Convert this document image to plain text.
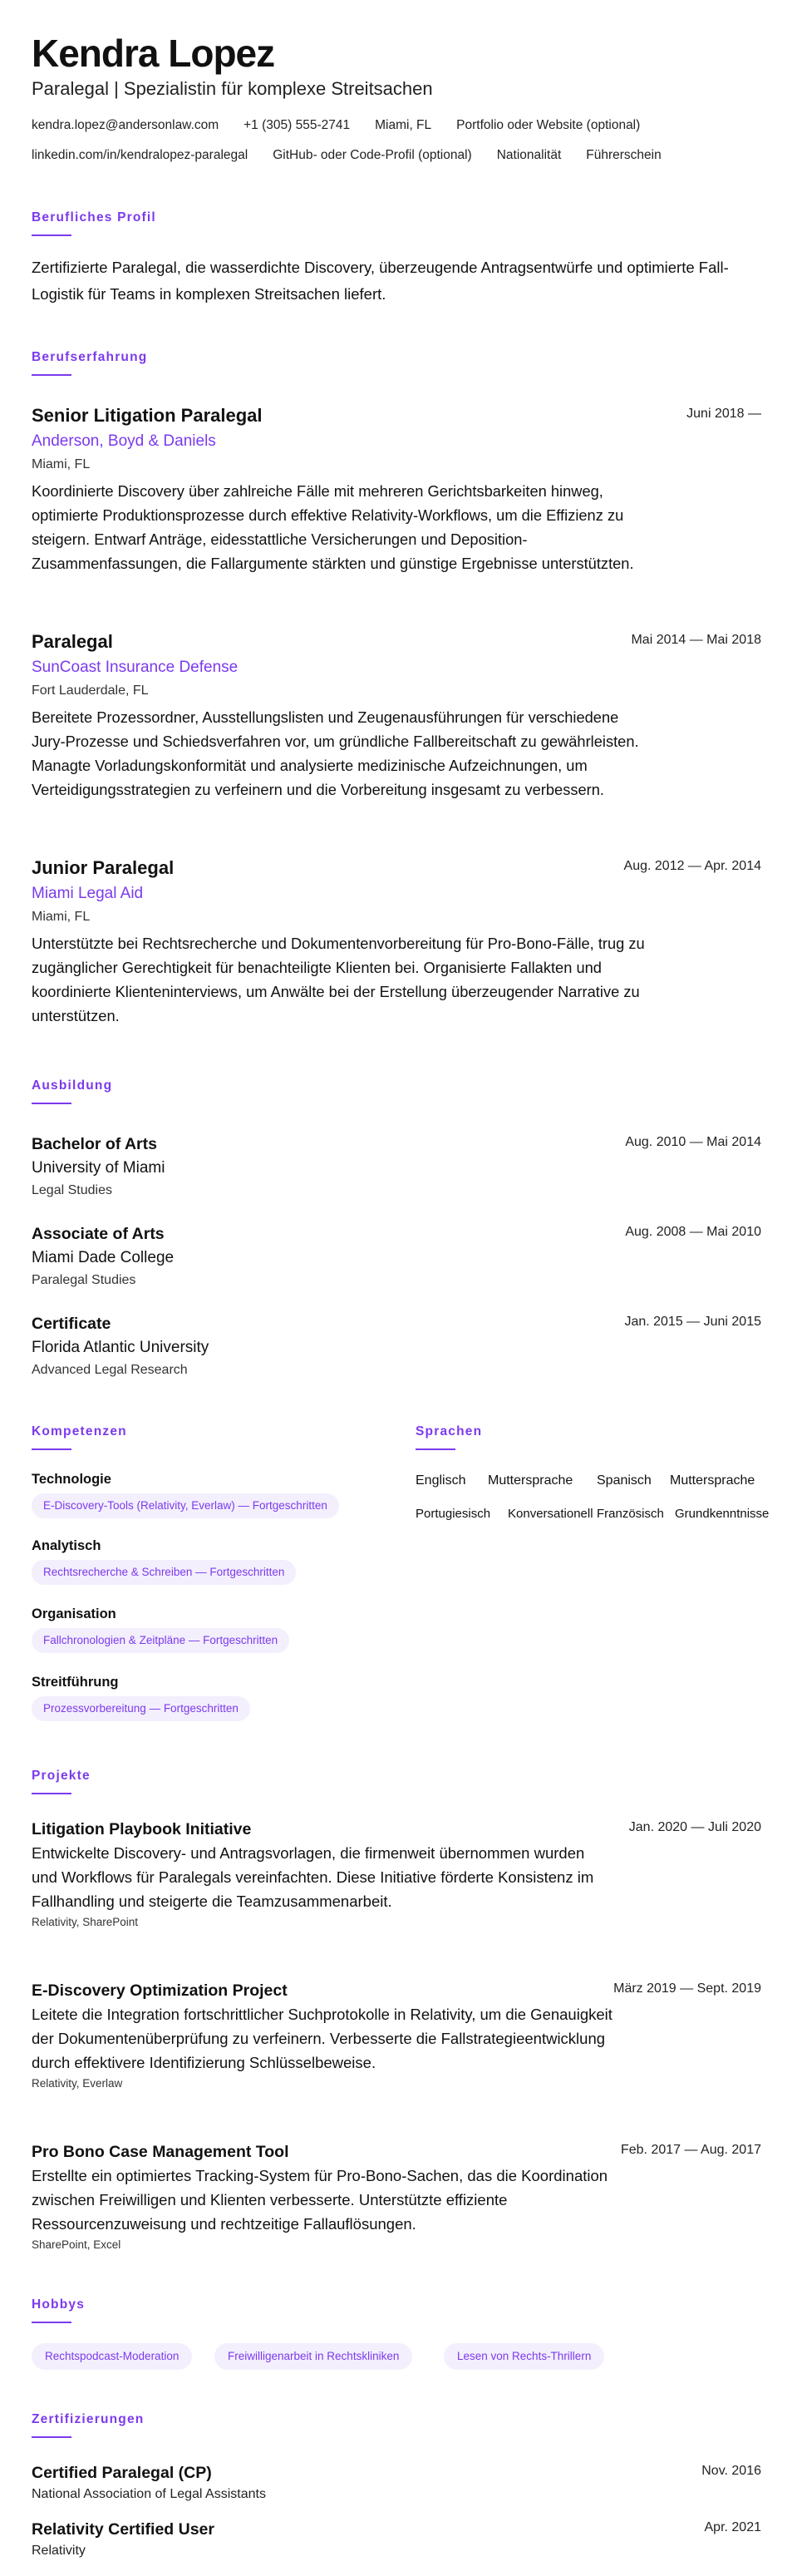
Kendra Lopez
Paralegal | Spezialistin für komplexe Streitsachen
kendra.lopez@andersonlaw.com +1 (305) 555-2741 Miami, FL Portfolio oder Website (optional)
linkedin.com/in/kendralopez-paralegal GitHub- oder Code-Profil (optional) Nationalität Führerschein
Berufliches Profil
Zertifizierte Paralegal, die wasserdichte Discovery, überzeugende Antragsentwürfe und optimierte Fall-Logistik für Teams in komplexen Streitsachen liefert.
Berufserfahrung
Senior Litigation Paralegal	Juni 2018 —
Anderson, Boyd & Daniels
Miami, FL
Koordinierte Discovery über zahlreiche Fälle mit mehreren Gerichtsbarkeiten hinweg, optimierte Produktionsprozesse durch effektive Relativity-Workflows, um die Effizienz zu steigern. Entwarf Anträge, eidesstattliche Versicherungen und Deposition-Zusammenfassungen, die Fallargumente stärkten und günstige Ergebnisse unterstützten.
Paralegal	Mai 2014 — Mai 2018
SunCoast Insurance Defense
Fort Lauderdale, FL
Bereitete Prozessordner, Ausstellungslisten und Zeugenausführungen für verschiedene Jury-Prozesse und Schiedsverfahren vor, um gründliche Fallbereitschaft zu gewährleisten. Managte Vorladungskonformität und analysierte medizinische Aufzeichnungen, um Verteidigungsstrategien zu verfeinern und die Vorbereitung insgesamt zu verbessern.
Junior Paralegal	Aug. 2012 — Apr. 2014
Miami Legal Aid
Miami, FL
Unterstützte bei Rechtsrecherche und Dokumentenvorbereitung für Pro-Bono-Fälle, trug zu zugänglicher Gerechtigkeit für benachteiligte Klienten bei. Organisierte Fallakten und koordinierte Klienteninterviews, um Anwälte bei der Erstellung überzeugender Narrative zu unterstützen.
Ausbildung
Bachelor of Arts	Aug. 2010 — Mai 2014
University of Miami
Legal Studies
Associate of Arts	Aug. 2008 — Mai 2010
Miami Dade College
Paralegal Studies
Certificate	Jan. 2015 — Juni 2015
Florida Atlantic University
Advanced Legal Research
Kompetenzen
Technologie
E-Discovery-Tools (Relativity, Everlaw) — Fortgeschritten
Analytisch
Rechtsrecherche & Schreiben — Fortgeschritten
Organisation
Fallchronologien & Zeitpläne — Fortgeschritten
Streitführung
Prozessvorbereitung — Fortgeschritten
Sprachen
Englisch Muttersprache Spanisch Muttersprache
Portugiesisch Konversationell Französisch Grundkenntnisse
Projekte
Litigation Playbook Initiative	Jan. 2020 — Juli 2020
Entwickelte Discovery- und Antragsvorlagen, die firmenweit übernommen wurden und Workflows für Paralegals vereinfachten. Diese Initiative förderte Konsistenz im Fallhandling und steigerte die Teamzusammenarbeit.
Relativity, SharePoint
E-Discovery Optimization Project	März 2019 — Sept. 2019
Leitete die Integration fortschrittlicher Suchprotokolle in Relativity, um die Genauigkeit der Dokumentenüberprüfung zu verfeinern. Verbesserte die Fallstrategieentwicklung durch effektivere Identifizierung Schlüsselbeweise.
Relativity, Everlaw
Pro Bono Case Management Tool	Feb. 2017 — Aug. 2017
Erstellte ein optimiertes Tracking-System für Pro-Bono-Sachen, das die Koordination zwischen Freiwilligen und Klienten verbesserte. Unterstützte effiziente Ressourcenzuweisung und rechtzeitige Fallauflösungen.
SharePoint, Excel
Hobbys
Rechtspodcast-Moderation	Freiwilligenarbeit in Rechtskliniken	Lesen von Rechts-Thrillern
Zertifizierungen
Certified Paralegal (CP)	Nov. 2016
National Association of Legal Assistants
Relativity Certified User	Apr. 2021
Relativity
